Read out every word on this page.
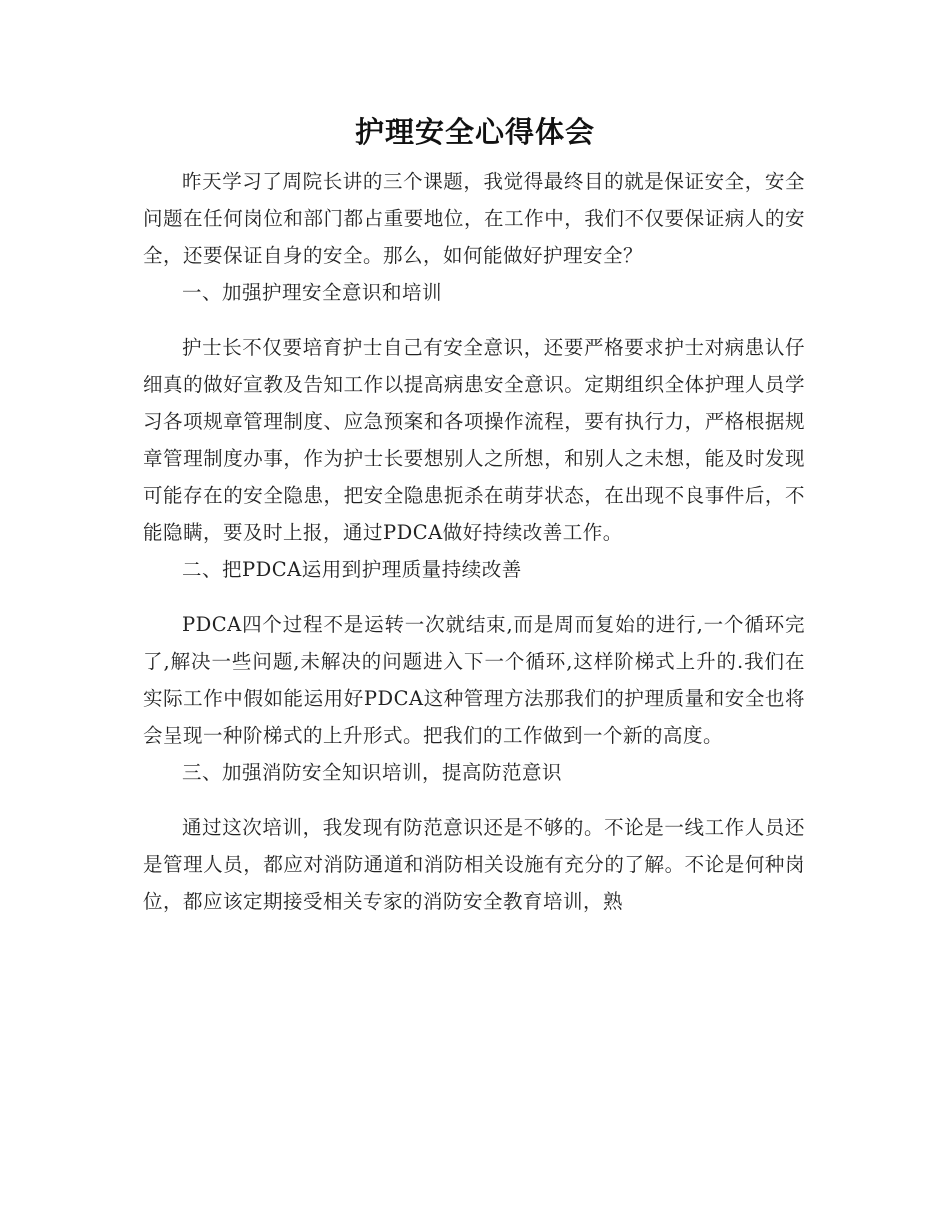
护理安全心得体会

昨天学习了周院长讲的三个课题，我觉得最终目的就是保证安全，安全问题在任何岗位和部门都占重要地位，在工作中，我们不仅要保证病人的安全，还要保证自身的安全。那么，如何能做好护理安全？

一、加强护理安全意识和培训

护士长不仅要培育护士自己有安全意识，还要严格要求护士对病患认仔细真的做好宣教及告知工作以提高病患安全意识。定期组织全体护理人员学习各项规章管理制度、应急预案和各项操作流程，要有执行力，严格根据规章管理制度办事，作为护士长要想别人之所想，和别人之未想，能及时发现可能存在的安全隐患，把安全隐患扼杀在萌芽状态，在出现不良事件后，不能隐瞒，要及时上报，通过PDCA做好持续改善工作。

二、把PDCA运用到护理质量持续改善

PDCA四个过程不是运转一次就结束,而是周而复始的进行,一个循环完了,解决一些问题,未解决的问题进入下一个循环,这样阶梯式上升的.我们在实际工作中假如能运用好PDCA这种管理方法那我们的护理质量和安全也将会呈现一种阶梯式的上升形式。把我们的工作做到一个新的高度。

三、加强消防安全知识培训，提高防范意识

通过这次培训，我发现有防范意识还是不够的。不论是一线工作人员还是管理人员，都应对消防通道和消防相关设施有充分的了解。不论是何种岗位，都应该定期接受相关专家的消防安全教育培训，熟
